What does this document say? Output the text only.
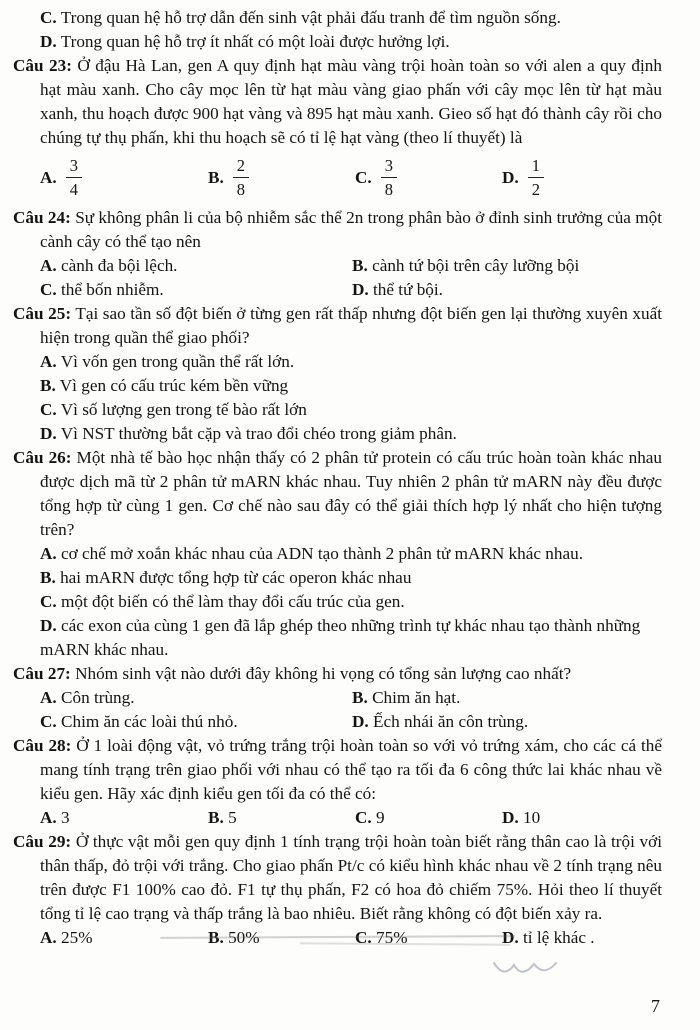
C. Trong quan hệ hỗ trợ dẫn đến sinh vật phải đấu tranh để tìm nguồn sống.
D. Trong quan hệ hỗ trợ ít nhất có một loài được hưởng lợi.

Câu 23: Ở đậu Hà Lan, gen A quy định hạt màu vàng trội hoàn toàn so với alen a quy định hạt màu xanh. Cho cây mọc lên từ hạt màu vàng giao phấn với cây mọc lên từ hạt màu xanh, thu hoạch được 900 hạt vàng và 895 hạt màu xanh. Gieo số hạt đó thành cây rồi cho chúng tự thụ phấn, khi thu hoạch sẽ có tỉ lệ hạt vàng (theo lí thuyết) là

A. $\frac{3}{4}$	B. $\frac{2}{8}$	C. $\frac{3}{8}$	D. $\frac{1}{2}$

Câu 24: Sự không phân li của bộ nhiễm sắc thể 2n trong phân bào ở đỉnh sinh trưởng của một cành cây có thể tạo nên

A. cành đa bội lệch.	B. cành tứ bội trên cây lưỡng bội
C. thể bốn nhiễm.	D. thể tứ bội.

Câu 25: Tại sao tần số đột biến ở từng gen rất thấp nhưng đột biến gen lại thường xuyên xuất hiện trong quần thể giao phối?

A. Vì vốn gen trong quần thể rất lớn.
B. Vì gen có cấu trúc kém bền vững
C. Vì số lượng gen trong tế bào rất lớn
D. Vì NST thường bắt cặp và trao đổi chéo trong giảm phân.

Câu 26: Một nhà tế bào học nhận thấy có 2 phân tử protein có cấu trúc hoàn toàn khác nhau được dịch mã từ 2 phân tử mARN khác nhau. Tuy nhiên 2 phân tử mARN này đều được tổng hợp từ cùng 1 gen. Cơ chế nào sau đây có thể giải thích hợp lý nhất cho hiện tượng trên?

A. cơ chế mở xoắn khác nhau của ADN tạo thành 2 phân tử mARN khác nhau.
B. hai mARN được tổng hợp từ các operon khác nhau
C. một đột biến có thể làm thay đổi cấu trúc của gen.
D. các exon của cùng 1 gen đã lắp ghép theo những trình tự khác nhau tạo thành những mARN khác nhau.

Câu 27: Nhóm sinh vật nào dưới đây không hi vọng có tổng sản lượng cao nhất?

A. Côn trùng.	B. Chim ăn hạt.
C. Chim ăn các loài thú nhỏ.	D. Ếch nhái ăn côn trùng.

Câu 28: Ở 1 loài động vật, vỏ trứng trắng trội hoàn toàn so với vỏ trứng xám, cho các cá thể mang tính trạng trên giao phối với nhau có thể tạo ra tối đa 6 công thức lai khác nhau về kiểu gen. Hãy xác định kiểu gen tối đa có thể có:

A. 3	B. 5	C. 9	D. 10

Câu 29: Ở thực vật mỗi gen quy định 1 tính trạng trội hoàn toàn biết rằng thân cao là trội với thân thấp, đỏ trội với trắng. Cho giao phấn Pt/c có kiểu hình khác nhau về 2 tính trạng nêu trên được F1 100% cao đỏ. F1 tự thụ phấn, F2 có hoa đỏ chiếm 75%. Hỏi theo lí thuyết tổng tỉ lệ cao trạng và thấp trắng là bao nhiêu. Biết rằng không có đột biến xảy ra.

A. 25%	B. 50%	C. 75%	D. tỉ lệ khác .
7
